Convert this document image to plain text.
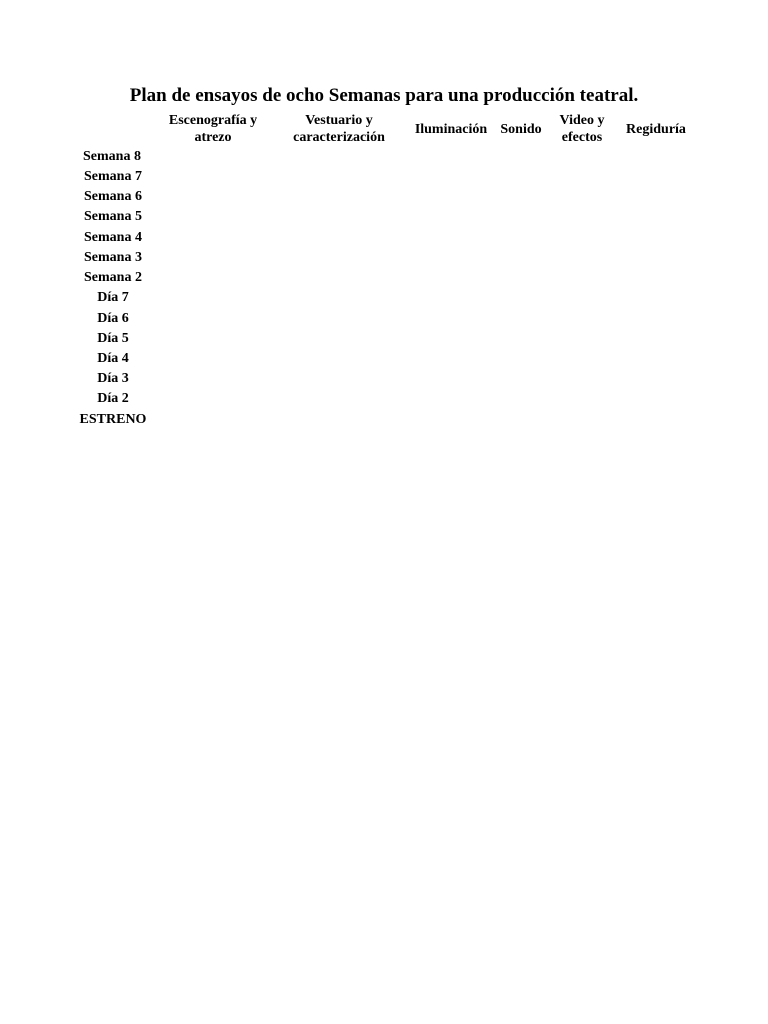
Plan de ensayos de ocho Semanas para una producción teatral.
Escenografía y atrezo
Vestuario y caracterización
Iluminación Sonido
Video y efectos
Regiduría
Semana 8
Semana 7
Semana 6
Semana 5
Semana 4
Semana 3
Semana 2
Día 7
Día 6
Día 5
Día 4
Día 3
Día 2
ESTRENO
